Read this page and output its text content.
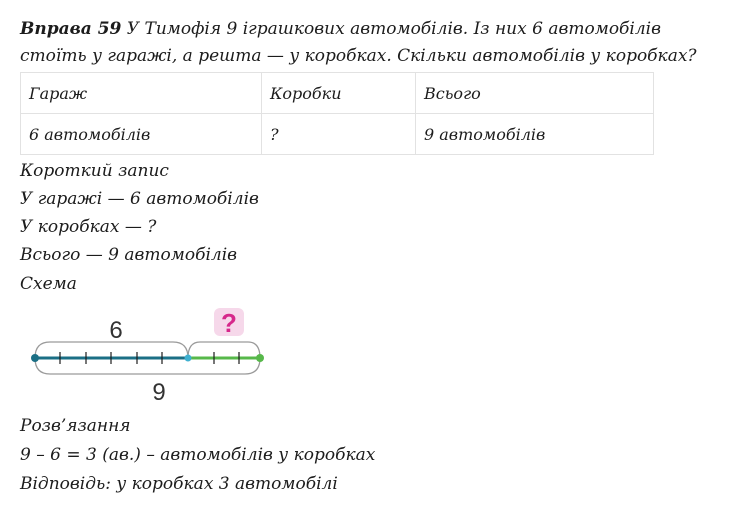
Вправа 59 У Тимофія 9 іграшкових автомобілів. Із них 6 автомобілів стоїть у гаражі, а решта — у коробках. Скільки автомобілів у коробках?
Гараж	Коробки	Всього
6 автомобілів	?	9 автомобілів
Короткий запис
У гаражі — 6 автомобілів
У коробках — ?
Всього — 9 автомобілів
Схема
6	?
9
Розв’язання
9 – 6 = 3 (ав.) – автомобілів у коробках
Відповідь: у коробках 3 автомобілі
